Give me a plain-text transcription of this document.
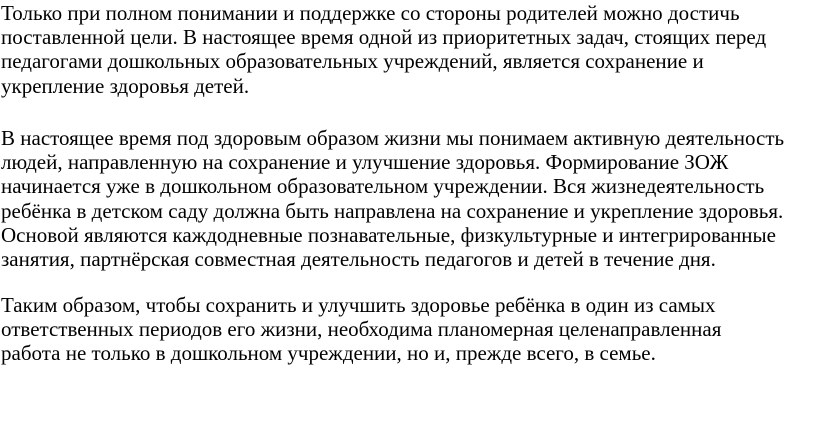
Только при полном понимании и поддержке со стороны родителей можно достичь
поставленной цели. В настоящее время одной из приоритетных задач, стоящих перед
педагогами дошкольных образовательных учреждений, является сохранение и
укрепление здоровья детей.
В настоящее время под здоровым образом жизни мы понимаем активную деятельность
людей, направленную на сохранение и улучшение здоровья. Формирование ЗОЖ
начинается уже в дошкольном образовательном учреждении. Вся жизнедеятельность
ребёнка в детском саду должна быть направлена на сохранение и укрепление здоровья.
Основой являются каждодневные познавательные, физкультурные и интегрированные
занятия, партнёрская совместная деятельность педагогов и детей в течение дня.
Таким образом, чтобы сохранить и улучшить здоровье ребёнка в один из самых
ответственных периодов его жизни, необходима планомерная целенаправленная
работа не только в дошкольном учреждении, но и, прежде всего, в семье.
